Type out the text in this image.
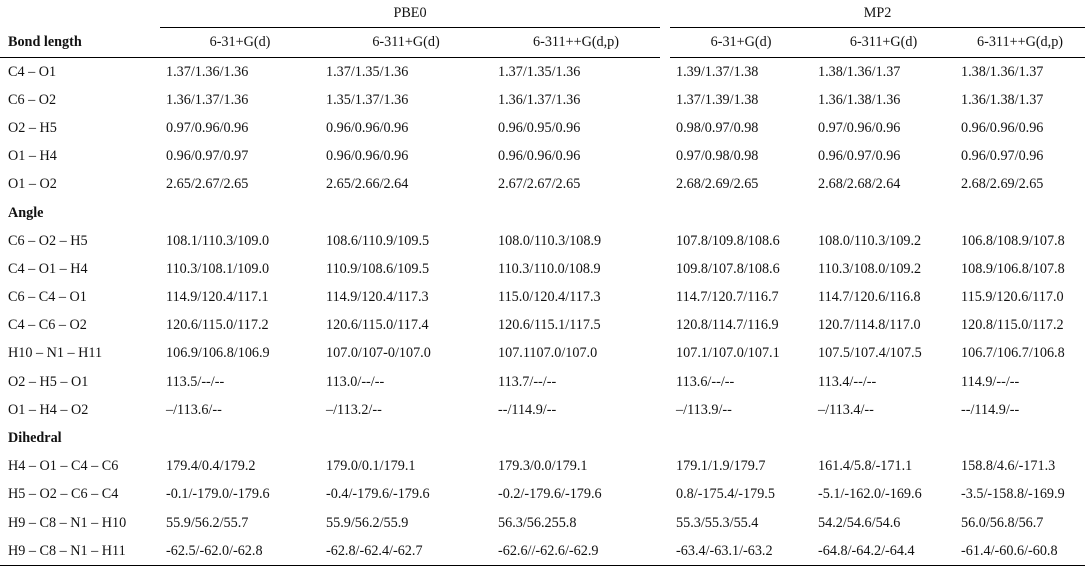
	PBE0				MP2		
Bond length	6-31+G(d)	6-311+G(d)	6-311++G(d,p)		6-31+G(d)	6-311+G(d)	6-311++G(d,p)
C4 – O1	1.37/1.36/1.36	1.37/1.35/1.36	1.37/1.35/1.36		1.39/1.37/1.38	1.38/1.36/1.37	1.38/1.36/1.37
C6 – O2	1.36/1.37/1.36	1.35/1.37/1.36	1.36/1.37/1.36		1.37/1.39/1.38	1.36/1.38/1.36	1.36/1.38/1.37
O2 – H5	0.97/0.96/0.96	0.96/0.96/0.96	0.96/0.95/0.96		0.98/0.97/0.98	0.97/0.96/0.96	0.96/0.96/0.96
O1 – H4	0.96/0.97/0.97	0.96/0.96/0.96	0.96/0.96/0.96		0.97/0.98/0.98	0.96/0.97/0.96	0.96/0.97/0.96
O1 – O2	2.65/2.67/2.65	2.65/2.66/2.64	2.67/2.67/2.65		2.68/2.69/2.65	2.68/2.68/2.64	2.68/2.69/2.65
Angle							
C6 – O2 – H5	108.1/110.3/109.0	108.6/110.9/109.5	108.0/110.3/108.9		107.8/109.8/108.6	108.0/110.3/109.2	106.8/108.9/107.8
C4 – O1 – H4	110.3/108.1/109.0	110.9/108.6/109.5	110.3/110.0/108.9		109.8/107.8/108.6	110.3/108.0/109.2	108.9/106.8/107.8
C6 – C4 – O1	114.9/120.4/117.1	114.9/120.4/117.3	115.0/120.4/117.3		114.7/120.7/116.7	114.7/120.6/116.8	115.9/120.6/117.0
C4 – C6 – O2	120.6/115.0/117.2	120.6/115.0/117.4	120.6/115.1/117.5		120.8/114.7/116.9	120.7/114.8/117.0	120.8/115.0/117.2
H10 – N1 – H11	106.9/106.8/106.9	107.0/107-0/107.0	107.1107.0/107.0		107.1/107.0/107.1	107.5/107.4/107.5	106.7/106.7/106.8
O2 – H5 – O1	113.5/--/--	113.0/--/--	113.7/--/--		113.6/--/--	113.4/--/--	114.9/--/--
O1 – H4 – O2	–/113.6/--	–/113.2/--	--/114.9/--		–/113.9/--	–/113.4/--	--/114.9/--
Dihedral							
H4 – O1 – C4 – C6	179.4/0.4/179.2	179.0/0.1/179.1	179.3/0.0/179.1		179.1/1.9/179.7	161.4/5.8/-171.1	158.8/4.6/-171.3
H5 – O2 – C6 – C4	-0.1/-179.0/-179.6	-0.4/-179.6/-179.6	-0.2/-179.6/-179.6		0.8/-175.4/-179.5	-5.1/-162.0/-169.6	-3.5/-158.8/-169.9
H9 – C8 – N1 – H10	55.9/56.2/55.7	55.9/56.2/55.9	56.3/56.255.8		55.3/55.3/55.4	54.2/54.6/54.6	56.0/56.8/56.7
H9 – C8 – N1 – H11	-62.5/-62.0/-62.8	-62.8/-62.4/-62.7	-62.6//-62.6/-62.9		-63.4/-63.1/-63.2	-64.8/-64.2/-64.4	-61.4/-60.6/-60.8
